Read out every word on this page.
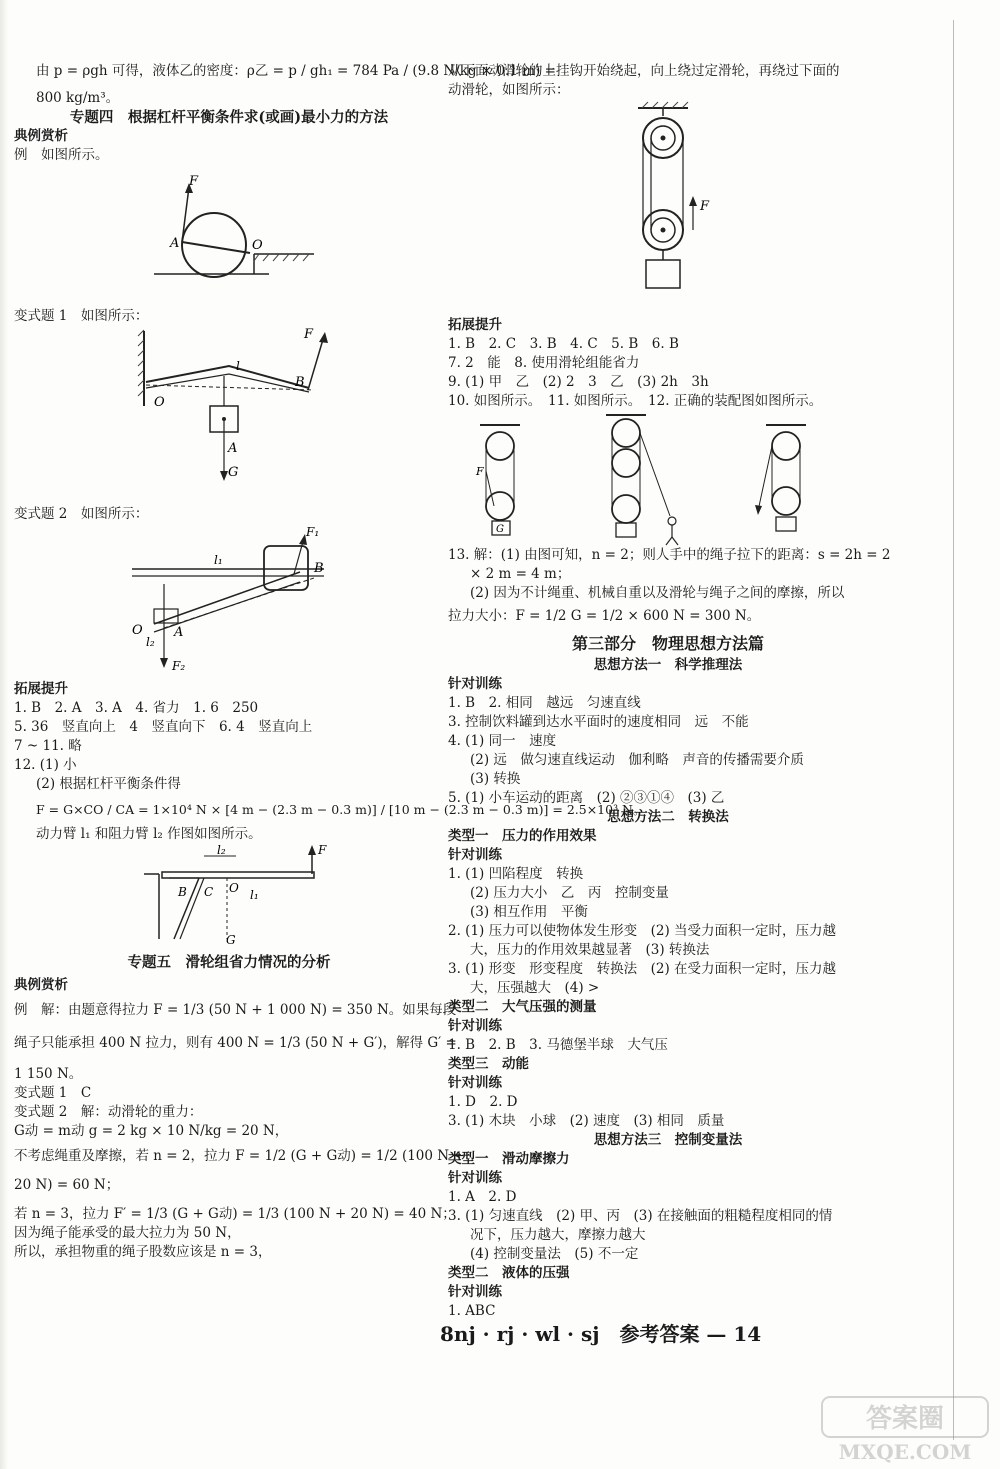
由 p = ρgh 可得，液体乙的密度：ρ乙 = p / gh₁ = 784 Pa / (9.8 N/kg × 0.1 m) =
800 kg/m³。
专题四　根据杠杆平衡条件求(或画)最小力的方法
典例赏析
例　如图所示。
F
A	O
变式题 1　如图所示：
O
l
B
F
A
G
变式题 2　如图所示：
F₁
B
l₁
O
l₂
A
F₂
拓展提升
1. B　2. A　3. A　4. 省力　1. 6　250
5. 36　竖直向上　4　竖直向下　6. 4　竖直向上
7 ~ 11. 略
12. (1) 小
(2) 根据杠杆平衡条件得
F = G×CO / CA = 1×10⁴ N × [4 m − (2.3 m − 0.3 m)] / [10 m − (2.3 m − 0.3 m)] = 2.5×10³ N。
动力臂 l₁ 和阻力臂 l₂ 作图如图所示。
F
l₂
B C O l₁
G
专题五　滑轮组省力情况的分析
典例赏析
例　解：由题意得拉力 F = 1/3 (50 N + 1 000 N) = 350 N。如果每段
绳子只能承担 400 N 拉力，则有 400 N = 1/3 (50 N + G′)，解得 G′ =
1 150 N。
变式题 1　C
变式题 2　解：动滑轮的重力：
G动 = m动 g = 2 kg × 10 N/kg = 20 N，
不考虑绳重及摩擦，若 n = 2，拉力 F = 1/2 (G + G动) = 1/2 (100 N +
20 N) = 60 N；
若 n = 3，拉力 F′ = 1/3 (G + G动) = 1/3 (100 N + 20 N) = 40 N；
因为绳子能承受的最大拉力为 50 N，
所以，承担物重的绳子股数应该是 n = 3，
从下面动滑轮的上挂钩开始绕起，向上绕过定滑轮，再绕过下面的
动滑轮，如图所示：
F
拓展提升
1. B　2. C　3. B　4. C　5. B　6. B
7. 2　能　8. 使用滑轮组能省力
9. (1) 甲　乙　(2) 2　3　乙　(3) 2h　3h
10. 如图所示。　11. 如图所示。　12. 正确的装配图如图所示。
G
F
13. 解：(1) 由图可知，n = 2；则人手中的绳子拉下的距离：s = 2h = 2
× 2 m = 4 m；
(2) 因为不计绳重、机械自重以及滑轮与绳子之间的摩擦，所以
拉力大小：F = 1/2 G = 1/2 × 600 N = 300 N。
第三部分　物理思想方法篇
思想方法一　科学推理法
针对训练
1. B　2. 相同　越远　匀速直线
3. 控制饮料罐到达水平面时的速度相同　远　不能
4. (1) 同一　速度
(2) 远　做匀速直线运动　伽利略　声音的传播需要介质
(3) 转换
5. (1) 小车运动的距离　(2) ②③①④　(3) 乙
思想方法二　转换法
类型一　压力的作用效果
针对训练
1. (1) 凹陷程度　转换
(2) 压力大小　乙　丙　控制变量
(3) 相互作用　平衡
2. (1) 压力可以使物体发生形变　(2) 当受力面积一定时，压力越
大，压力的作用效果越显著　(3) 转换法
3. (1) 形变　形变程度　转换法　(2) 在受力面积一定时，压力越
大，压强越大　(4) >
类型二　大气压强的测量
针对训练
1. B　2. B　3. 马德堡半球　大气压
类型三　动能
针对训练
1. D　2. D
3. (1) 木块　小球　(2) 速度　(3) 相同　质量
思想方法三　控制变量法
类型一　滑动摩擦力
针对训练
1. A　2. D
3. (1) 匀速直线　(2) 甲、丙　(3) 在接触面的粗糙程度相同的情
况下，压力越大，摩擦力越大
(4) 控制变量法　(5) 不一定
类型二　液体的压强
针对训练
1. ABC
8nj · rj · wl · sj　参考答案 — 14
答案圈
MXQE.COM
